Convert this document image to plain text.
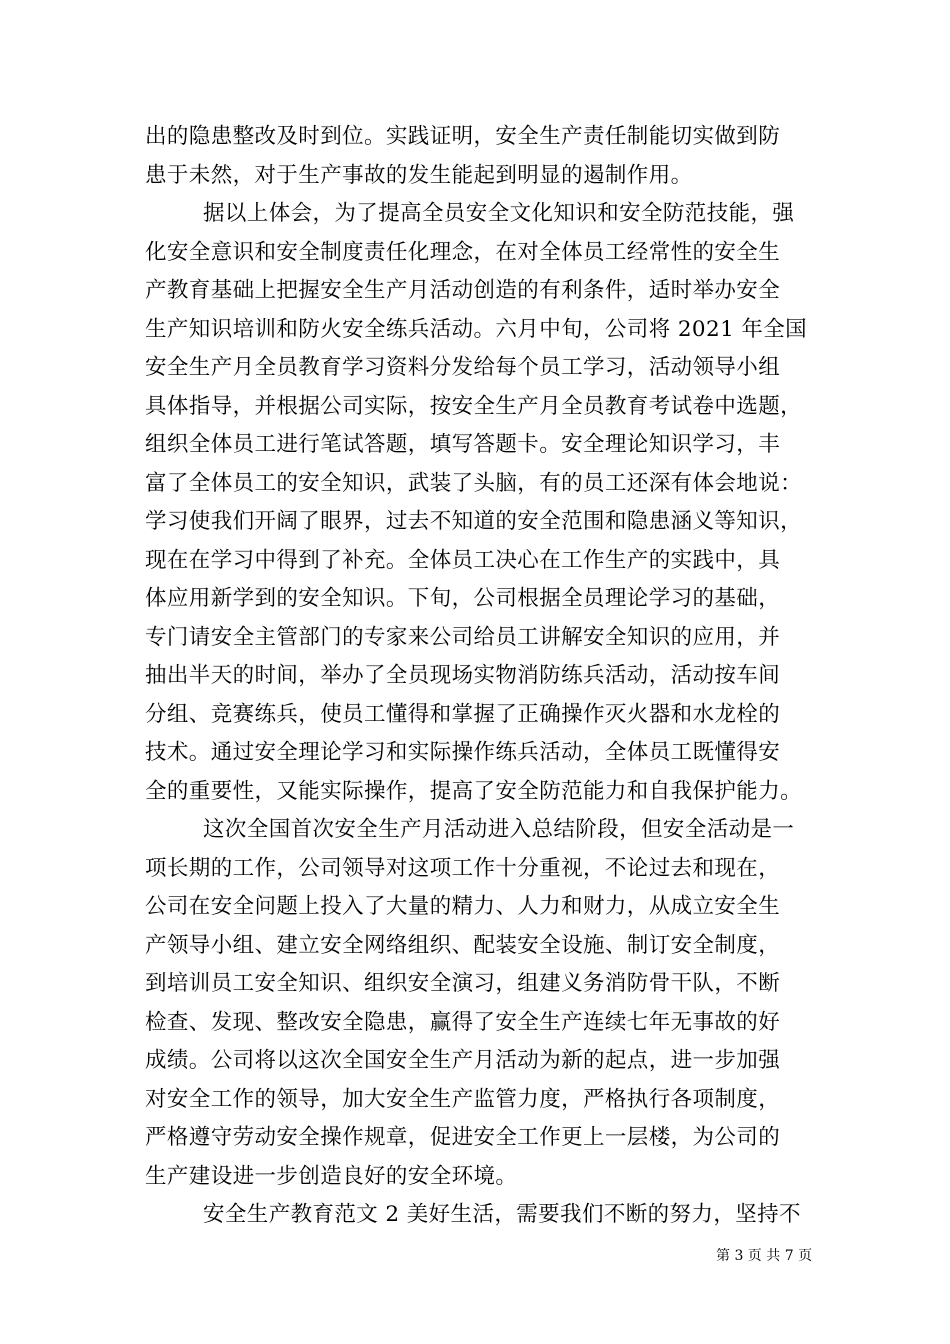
出的隐患整改及时到位。实践证明，安全生产责任制能切实做到防
患于未然，对于生产事故的发生能起到明显的遏制作用。
据以上体会，为了提高全员安全文化知识和安全防范技能，强
化安全意识和安全制度责任化理念，在对全体员工经常性的安全生
产教育基础上把握安全生产月活动创造的有利条件，适时举办安全
生产知识培训和防火安全练兵活动。六月中旬，公司将 2021 年全国
安全生产月全员教育学习资料分发给每个员工学习，活动领导小组
具体指导，并根据公司实际，按安全生产月全员教育考试卷中选题，
组织全体员工进行笔试答题，填写答题卡。安全理论知识学习，丰
富了全体员工的安全知识，武装了头脑，有的员工还深有体会地说：
学习使我们开阔了眼界，过去不知道的安全范围和隐患涵义等知识，
现在在学习中得到了补充。全体员工决心在工作生产的实践中，具
体应用新学到的安全知识。下旬，公司根据全员理论学习的基础，
专门请安全主管部门的专家来公司给员工讲解安全知识的应用，并
抽出半天的时间，举办了全员现场实物消防练兵活动，活动按车间
分组、竞赛练兵，使员工懂得和掌握了正确操作灭火器和水龙栓的
技术。通过安全理论学习和实际操作练兵活动，全体员工既懂得安
全的重要性，又能实际操作，提高了安全防范能力和自我保护能力。
这次全国首次安全生产月活动进入总结阶段，但安全活动是一
项长期的工作，公司领导对这项工作十分重视，不论过去和现在，
公司在安全问题上投入了大量的精力、人力和财力，从成立安全生
产领导小组、建立安全网络组织、配装安全设施、制订安全制度，
到培训员工安全知识、组织安全演习，组建义务消防骨干队，不断
检查、发现、整改安全隐患，赢得了安全生产连续七年无事故的好
成绩。公司将以这次全国安全生产月活动为新的起点，进一步加强
对安全工作的领导，加大安全生产监管力度，严格执行各项制度，
严格遵守劳动安全操作规章，促进安全工作更上一层楼，为公司的
生产建设进一步创造良好的安全环境。
安全生产教育范文 2 美好生活，需要我们不断的努力，坚持不
第 3 页 共 7 页
